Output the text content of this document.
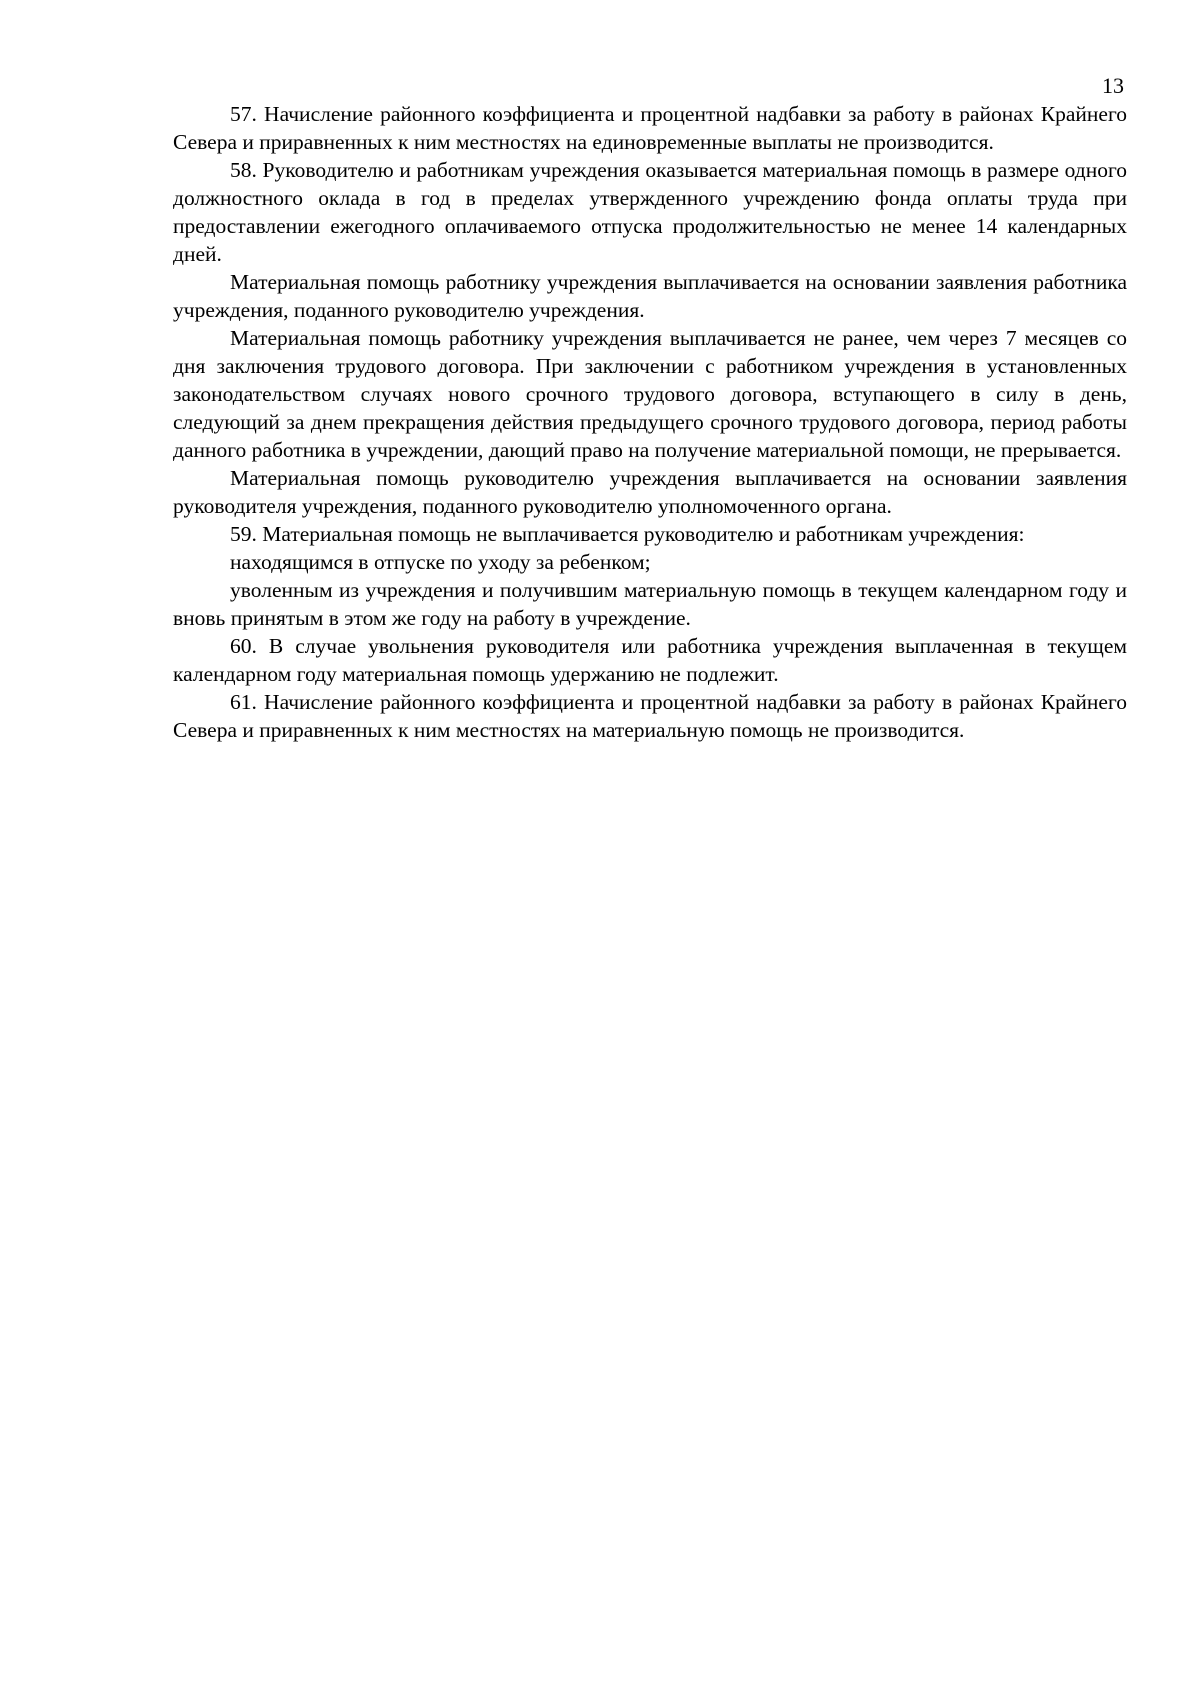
13

57. Начисление районного коэффициента и процентной надбавки за работу в районах Крайнего Севера и приравненных к ним местностях на единовременные выплаты не производится.

58. Руководителю и работникам учреждения оказывается материальная помощь в размере одного должностного оклада в год в пределах утвержденного учреждению фонда оплаты труда при предоставлении ежегодного оплачиваемого отпуска продолжительностью не менее 14 календарных дней.

Материальная помощь работнику учреждения выплачивается на основании заявления работника учреждения, поданного руководителю учреждения.

Материальная помощь работнику учреждения выплачивается не ранее, чем через 7 месяцев со дня заключения трудового договора. При заключении с работником учреждения в установленных законодательством случаях нового срочного трудового договора, вступающего в силу в день, следующий за днем прекращения действия предыдущего срочного трудового договора, период работы данного работника в учреждении, дающий право на получение материальной помощи, не прерывается.

Материальная помощь руководителю учреждения выплачивается на основании заявления руководителя учреждения, поданного руководителю уполномоченного органа.

59. Материальная помощь не выплачивается руководителю и работникам учреждения:

находящимся в отпуске по уходу за ребенком;

уволенным из учреждения и получившим материальную помощь в текущем календарном году и вновь принятым в этом же году на работу в учреждение.

60. В случае увольнения руководителя или работника учреждения выплаченная в текущем календарном году материальная помощь удержанию не подлежит.

61. Начисление районного коэффициента и процентной надбавки за работу в районах Крайнего Севера и приравненных к ним местностях на материальную помощь не производится.
